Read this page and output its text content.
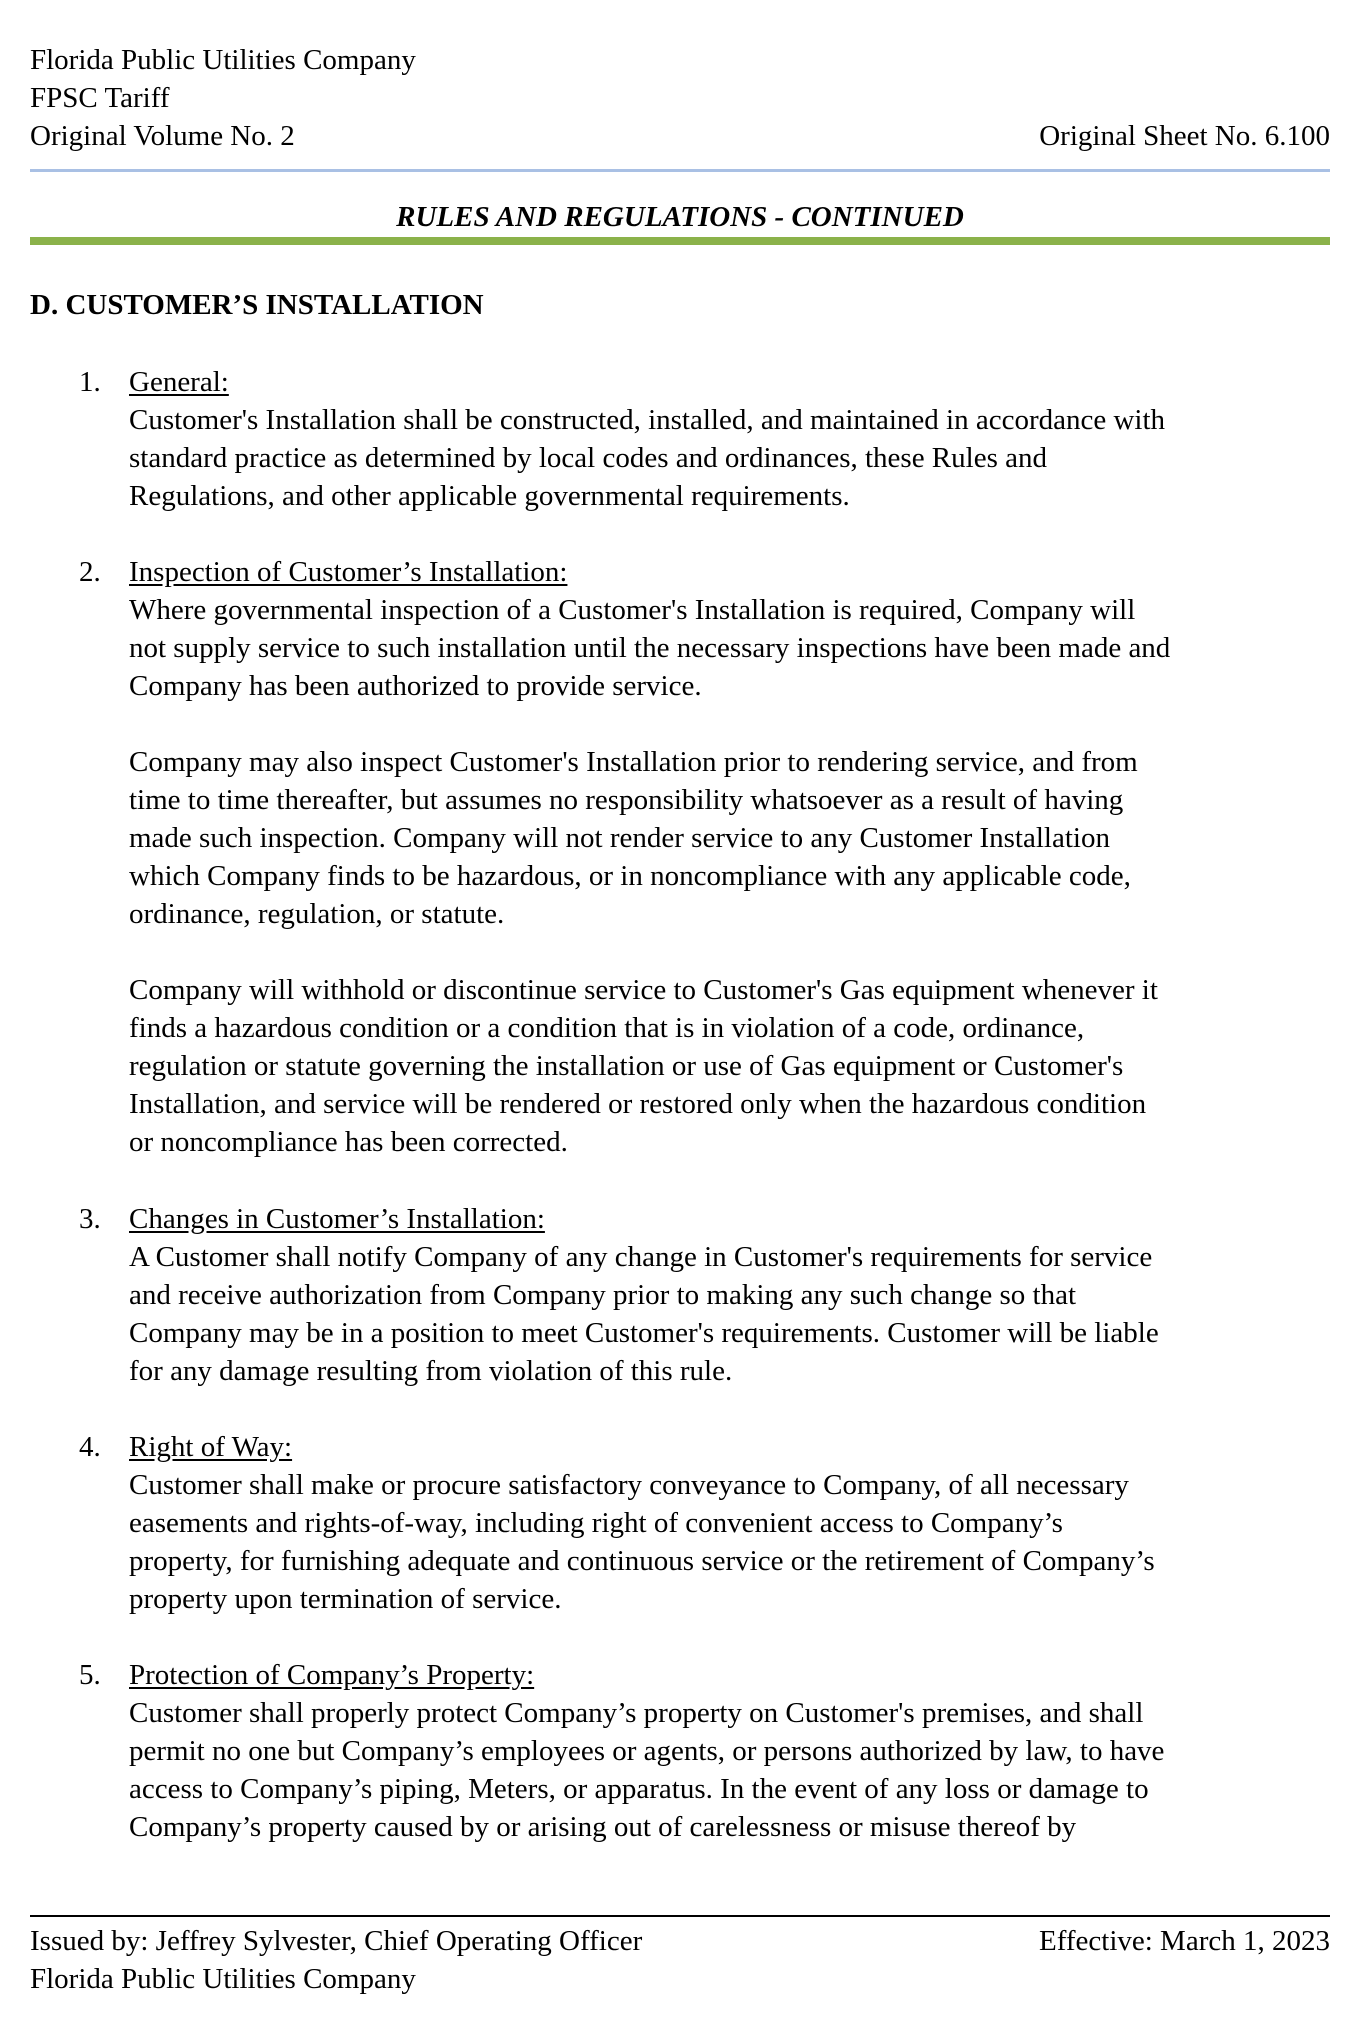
Florida Public Utilities Company
FPSC Tariff
Original Volume No. 2	Original Sheet No. 6.100
RULES AND REGULATIONS - CONTINUED
D. CUSTOMER’S INSTALLATION
1. General:

Customer's Installation shall be constructed, installed, and maintained in accordance with
standard practice as determined by local codes and ordinances, these Rules and
Regulations, and other applicable governmental requirements.

2. Inspection of Customer’s Installation:

Where governmental inspection of a Customer's Installation is required, Company will
not supply service to such installation until the necessary inspections have been made and
Company has been authorized to provide service.

Company may also inspect Customer's Installation prior to rendering service, and from
time to time thereafter, but assumes no responsibility whatsoever as a result of having
made such inspection. Company will not render service to any Customer Installation
which Company finds to be hazardous, or in noncompliance with any applicable code,
ordinance, regulation, or statute.

Company will withhold or discontinue service to Customer's Gas equipment whenever it
finds a hazardous condition or a condition that is in violation of a code, ordinance,
regulation or statute governing the installation or use of Gas equipment or Customer's
Installation, and service will be rendered or restored only when the hazardous condition
or noncompliance has been corrected.

3. Changes in Customer’s Installation:

A Customer shall notify Company of any change in Customer's requirements for service
and receive authorization from Company prior to making any such change so that
Company may be in a position to meet Customer's requirements. Customer will be liable
for any damage resulting from violation of this rule.

4. Right of Way:

Customer shall make or procure satisfactory conveyance to Company, of all necessary
easements and rights-of-way, including right of convenient access to Company’s
property, for furnishing adequate and continuous service or the retirement of Company’s
property upon termination of service.

5. Protection of Company’s Property:

Customer shall properly protect Company’s property on Customer's premises, and shall
permit no one but Company’s employees or agents, or persons authorized by law, to have
access to Company’s piping, Meters, or apparatus. In the event of any loss or damage to
Company’s property caused by or arising out of carelessness or misuse thereof by

Issued by: Jeffrey Sylvester, Chief Operating Officer	Effective: March 1, 2023
Florida Public Utilities Company
